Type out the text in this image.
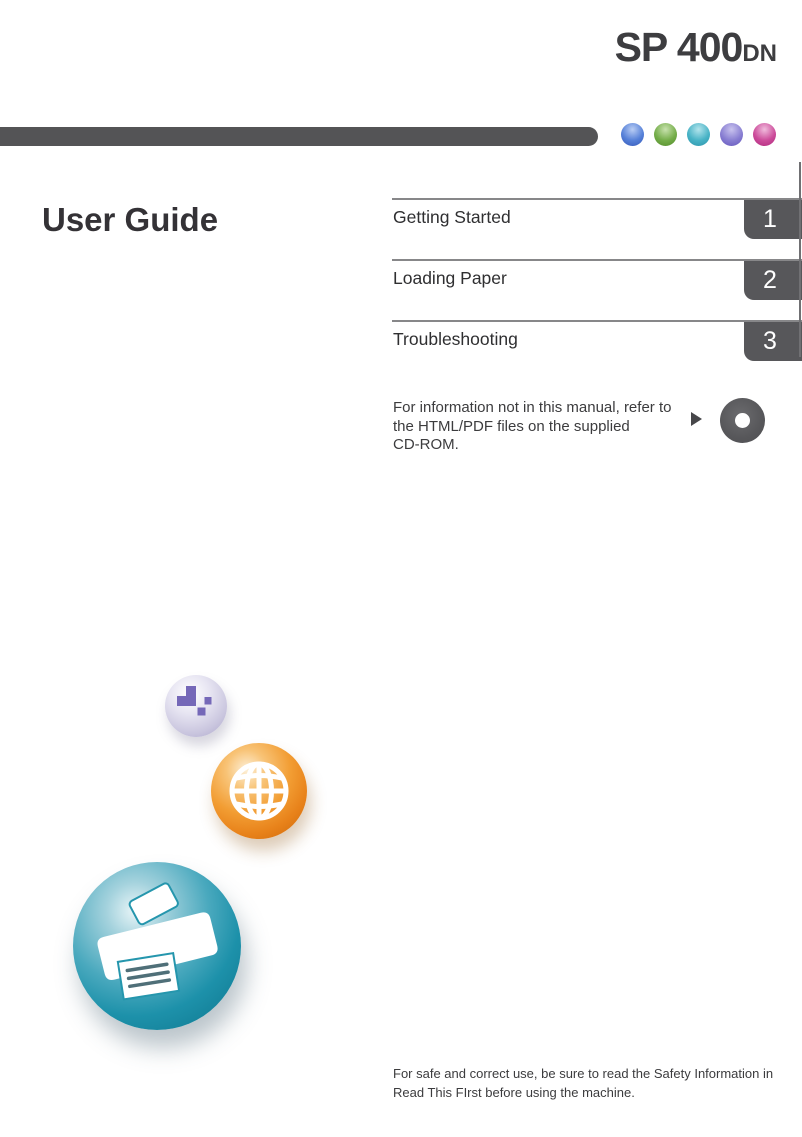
SP 400DN
User Guide	Getting Started	1
Loading Paper	2
Troubleshooting	3
For information not in this manual, refer to
the HTML/PDF files on the supplied
CD-ROM.
For safe and correct use, be sure to read the Safety Information in
Read This FIrst before using the machine.
